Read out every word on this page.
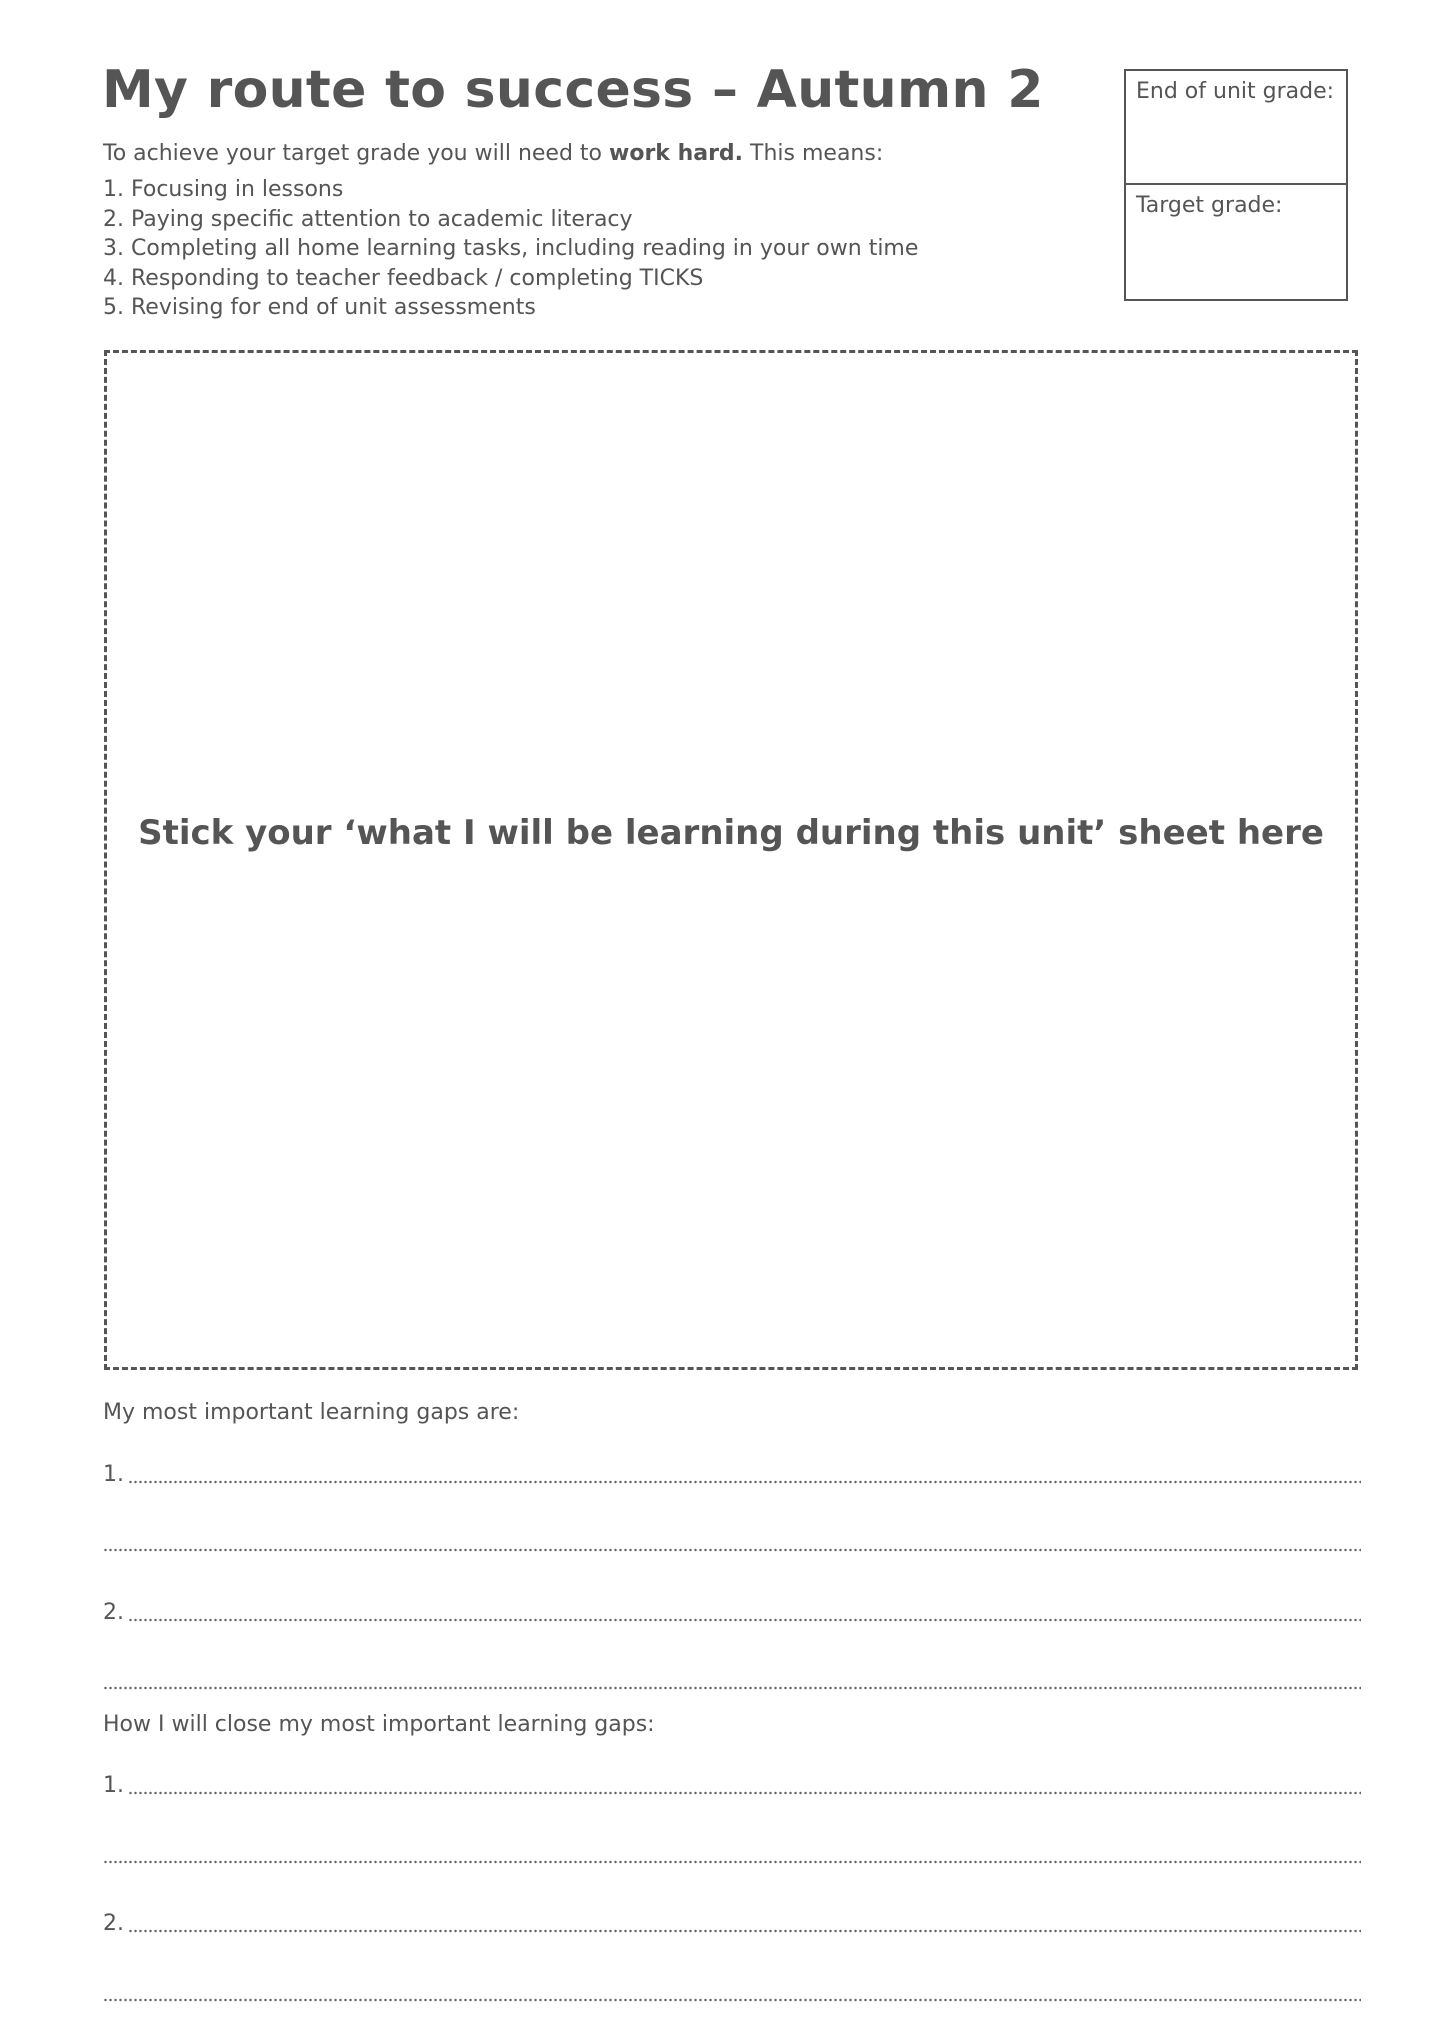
My route to success – Autumn 2
To achieve your target grade you will need to work hard. This means:
1. Focusing in lessons
2. Paying specific attention to academic literacy
3. Completing all home learning tasks, including reading in your own time
4. Responding to teacher feedback / completing TICKS
5. Revising for end of unit assessments
End of unit grade:
Target grade:
Stick your ‘what I will be learning during this unit’ sheet here
My most important learning gaps are:
1.
2.
How I will close my most important learning gaps:
1.
2.
